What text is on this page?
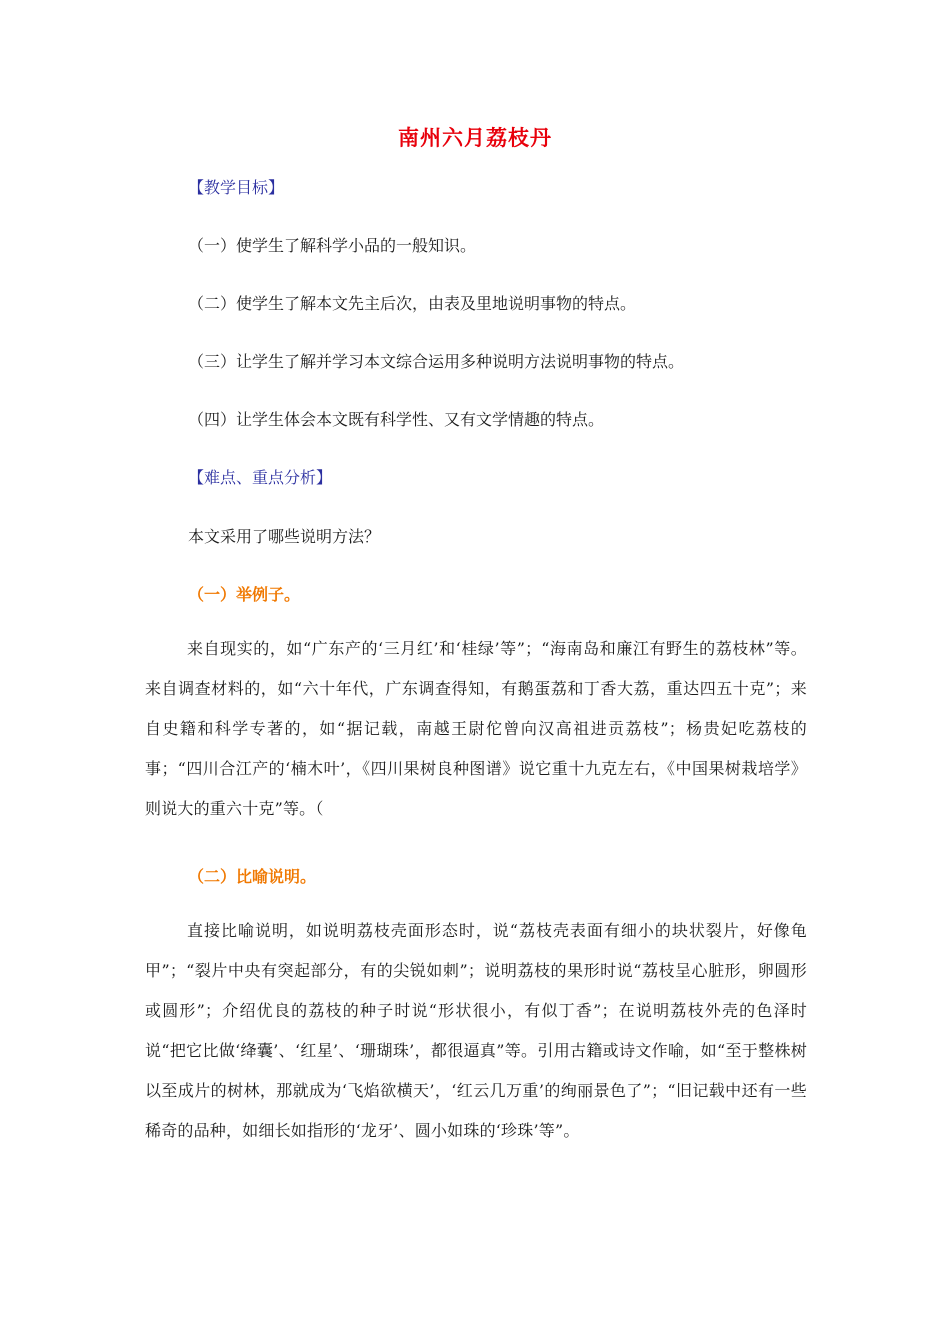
南州六月荔枝丹
【教学目标】
（一）使学生了解科学小品的一般知识。
（二）使学生了解本文先主后次，由表及里地说明事物的特点。
（三）让学生了解并学习本文综合运用多种说明方法说明事物的特点。
（四）让学生体会本文既有科学性、又有文学情趣的特点。
【难点、重点分析】
本文采用了哪些说明方法？
（一）举例子。
来自现实的，如“广东产的‘三月红’和‘桂绿’等”；“海南岛和廉江有野生的荔枝林”等。来自调查材料的，如“六十年代，广东调查得知，有鹅蛋荔和丁香大荔，重达四五十克”；来自史籍和科学专著的，如“据记载，南越王尉佗曾向汉高祖进贡荔枝”；杨贵妃吃荔枝的事；“四川合江产的‘楠木叶’，《四川果树良种图谱》说它重十九克左右，《中国果树栽培学》则说大的重六十克”等。（
（二）比喻说明。
直接比喻说明，如说明荔枝壳面形态时，说“荔枝壳表面有细小的块状裂片，好像龟甲”；“裂片中央有突起部分，有的尖锐如刺”；说明荔枝的果形时说“荔枝呈心脏形，卵圆形或圆形”；介绍优良的荔枝的种子时说“形状很小，有似丁香”；在说明荔枝外壳的色泽时说“把它比做‘绛囊’、‘红星’、‘珊瑚珠’，都很逼真”等。引用古籍或诗文作喻，如“至于整株树以至成片的树林，那就成为‘飞焰欲横天’，‘红云几万重’的绚丽景色了”；“旧记载中还有一些稀奇的品种，如细长如指形的‘龙牙’、圆小如珠的‘珍珠’等”。
